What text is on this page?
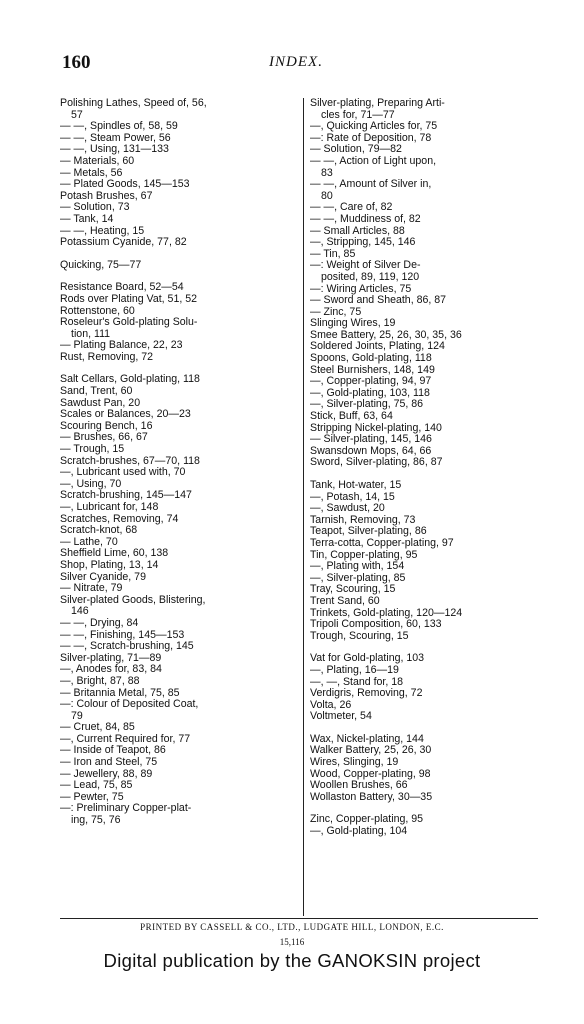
160	INDEX.
Polishing Lathes, Speed of, 56,
57
— —, Spindles of, 58, 59
— —, Steam Power, 56
— —, Using, 131—133
— Materials, 60
— Metals, 56
— Plated Goods, 145—153
Potash Brushes, 67
— Solution, 73
— Tank, 14
— —, Heating, 15
Potassium Cyanide, 77, 82
Quicking, 75—77
Resistance Board, 52—54
Rods over Plating Vat, 51, 52
Rottenstone, 60
Roseleur's Gold-plating Solu-
tion, 111
— Plating Balance, 22, 23
Rust, Removing, 72
Salt Cellars, Gold-plating, 118
Sand, Trent, 60
Sawdust Pan, 20
Scales or Balances, 20—23
Scouring Bench, 16
— Brushes, 66, 67
— Trough, 15
Scratch-brushes, 67—70, 118
—, Lubricant used with, 70
—, Using, 70
Scratch-brushing, 145—147
—, Lubricant for, 148
Scratches, Removing, 74
Scratch-knot, 68
— Lathe, 70
Sheffield Lime, 60, 138
Shop, Plating, 13, 14
Silver Cyanide, 79
— Nitrate, 79
Silver-plated Goods, Blistering,
146
— —, Drying, 84
— —, Finishing, 145—153
— —, Scratch-brushing, 145
Silver-plating, 71—89
—, Anodes for, 83, 84
—, Bright, 87, 88
— Britannia Metal, 75, 85
—: Colour of Deposited Coat,
79
— Cruet, 84, 85
—, Current Required for, 77
— Inside of Teapot, 86
— Iron and Steel, 75
— Jewellery, 88, 89
— Lead, 75, 85
— Pewter, 75
—: Preliminary Copper-plat-
ing, 75, 76
Silver-plating, Preparing Arti-
cles for, 71—77
—, Quicking Articles for, 75
—: Rate of Deposition, 78
— Solution, 79—82
— —, Action of Light upon,
83
— —, Amount of Silver in,
80
— —, Care of, 82
— —, Muddiness of, 82
— Small Articles, 88
—, Stripping, 145, 146
— Tin, 85
—: Weight of Silver De-
posited, 89, 119, 120
—: Wiring Articles, 75
— Sword and Sheath, 86, 87
— Zinc, 75
Slinging Wires, 19
Smee Battery, 25, 26, 30, 35, 36
Soldered Joints, Plating, 124
Spoons, Gold-plating, 118
Steel Burnishers, 148, 149
—, Copper-plating, 94, 97
—, Gold-plating, 103, 118
—, Silver-plating, 75, 86
Stick, Buff, 63, 64
Stripping Nickel-plating, 140
— Silver-plating, 145, 146
Swansdown Mops, 64, 66
Sword, Silver-plating, 86, 87
Tank, Hot-water, 15
—, Potash, 14, 15
—, Sawdust, 20
Tarnish, Removing, 73
Teapot, Silver-plating, 86
Terra-cotta, Copper-plating, 97
Tin, Copper-plating, 95
—, Plating with, 154
—, Silver-plating, 85
Tray, Scouring, 15
Trent Sand, 60
Trinkets, Gold-plating, 120—124
Tripoli Composition, 60, 133
Trough, Scouring, 15
Vat for Gold-plating, 103
—, Plating, 16—19
—, —, Stand for, 18
Verdigris, Removing, 72
Volta, 26
Voltmeter, 54
Wax, Nickel-plating, 144
Walker Battery, 25, 26, 30
Wires, Slinging, 19
Wood, Copper-plating, 98
Woollen Brushes, 66
Wollaston Battery, 30—35
Zinc, Copper-plating, 95
—, Gold-plating, 104
PRINTED BY CASSELL & CO., LTD., LUDGATE HILL, LONDON, E.C.
15,116
Digital publication by the GANOKSIN project
